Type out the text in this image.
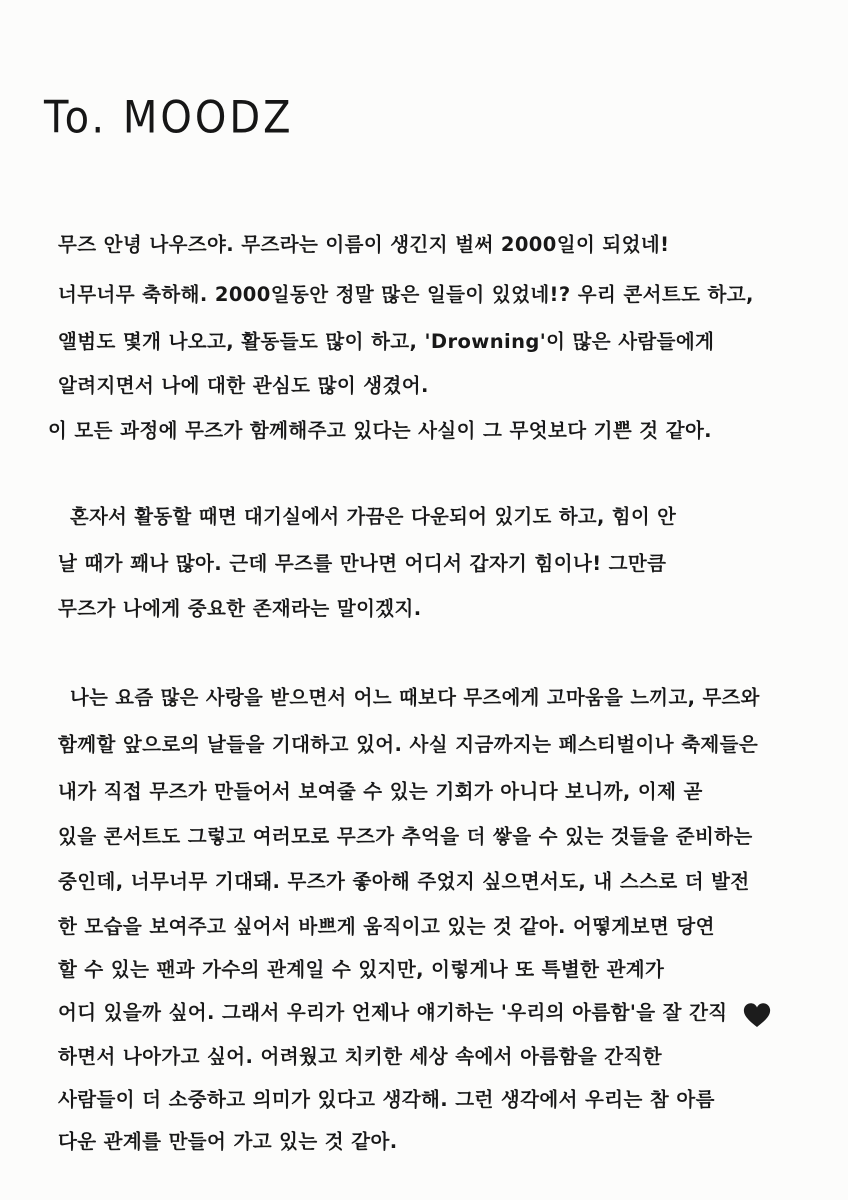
To. MOODZ
무즈 안녕 나우즈야. 무즈라는 이름이 생긴지 벌써 2000일이 되었네!
너무너무 축하해. 2000일동안 정말 많은 일들이 있었네!? 우리 콘서트도 하고,
앨범도 몇개 나오고, 활동들도 많이 하고, 'Drowning'이 많은 사람들에게
알려지면서 나에 대한 관심도 많이 생겼어.
이 모든 과정에 무즈가 함께해주고 있다는 사실이 그 무엇보다 기쁜 것 같아.
혼자서 활동할 때면 대기실에서 가끔은 다운되어 있기도 하고, 힘이 안
날 때가 꽤나 많아. 근데 무즈를 만나면 어디서 갑자기 힘이나! 그만큼
무즈가 나에게 중요한 존재라는 말이겠지.
나는 요즘 많은 사랑을 받으면서 어느 때보다 무즈에게 고마움을 느끼고, 무즈와
함께할 앞으로의 날들을 기대하고 있어. 사실 지금까지는 페스티벌이나 축제들은
내가 직접 무즈가 만들어서 보여줄 수 있는 기회가 아니다 보니까, 이제 곧
있을 콘서트도 그렇고 여러모로 무즈가 추억을 더 쌓을 수 있는 것들을 준비하는
중인데, 너무너무 기대돼. 무즈가 좋아해 주었지 싶으면서도, 내 스스로 더 발전
한 모습을 보여주고 싶어서 바쁘게 움직이고 있는 것 같아. 어떻게보면 당연
할 수 있는 팬과 가수의 관계일 수 있지만, 이렇게나 또 특별한 관계가
어디 있을까 싶어. 그래서 우리가 언제나 얘기하는 '우리의 아름함'을 잘 간직
하면서 나아가고 싶어. 어려웠고 치키한 세상 속에서 아름함을 간직한
사람들이 더 소중하고 의미가 있다고 생각해. 그런 생각에서 우리는 참 아름
다운 관계를 만들어 가고 있는 것 같아.
